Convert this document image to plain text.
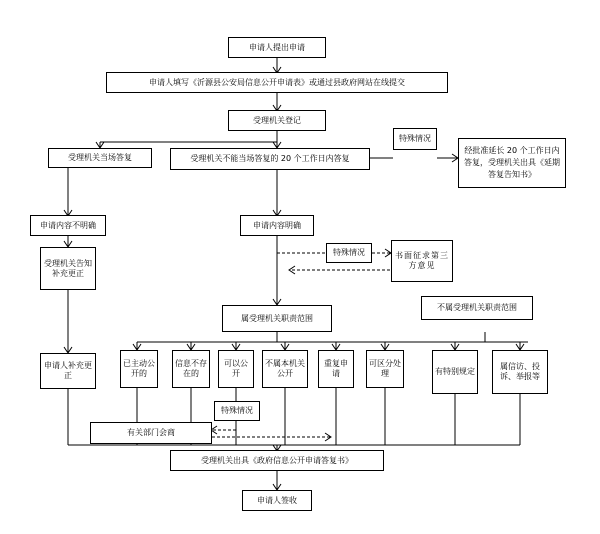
申请人提出申请
申请人填写《沂源县公安局信息公开申请表》或通过县政府网站在线提交
受理机关登记
受理机关当场答复	受理机关不能当场答复的 20 个工作日内答复
特殊情况
经批准延长 20 个工作日内答复，受理机关出具《延期答复告知书》
申请内容不明确	申请内容明确
特殊情况	书面征求第三方意见
受理机关告知补充更正
申请人补充更正
属受理机关职责范围
不属受理机关职责范围
已主动公开的
信息不存在的
可以公开
不属本机关公开
重复申请
可区分处理	有特别规定
属信访、投诉、举报等
特殊情况
有关部门会商
受理机关出具《政府信息公开申请答复书》
申请人签收
